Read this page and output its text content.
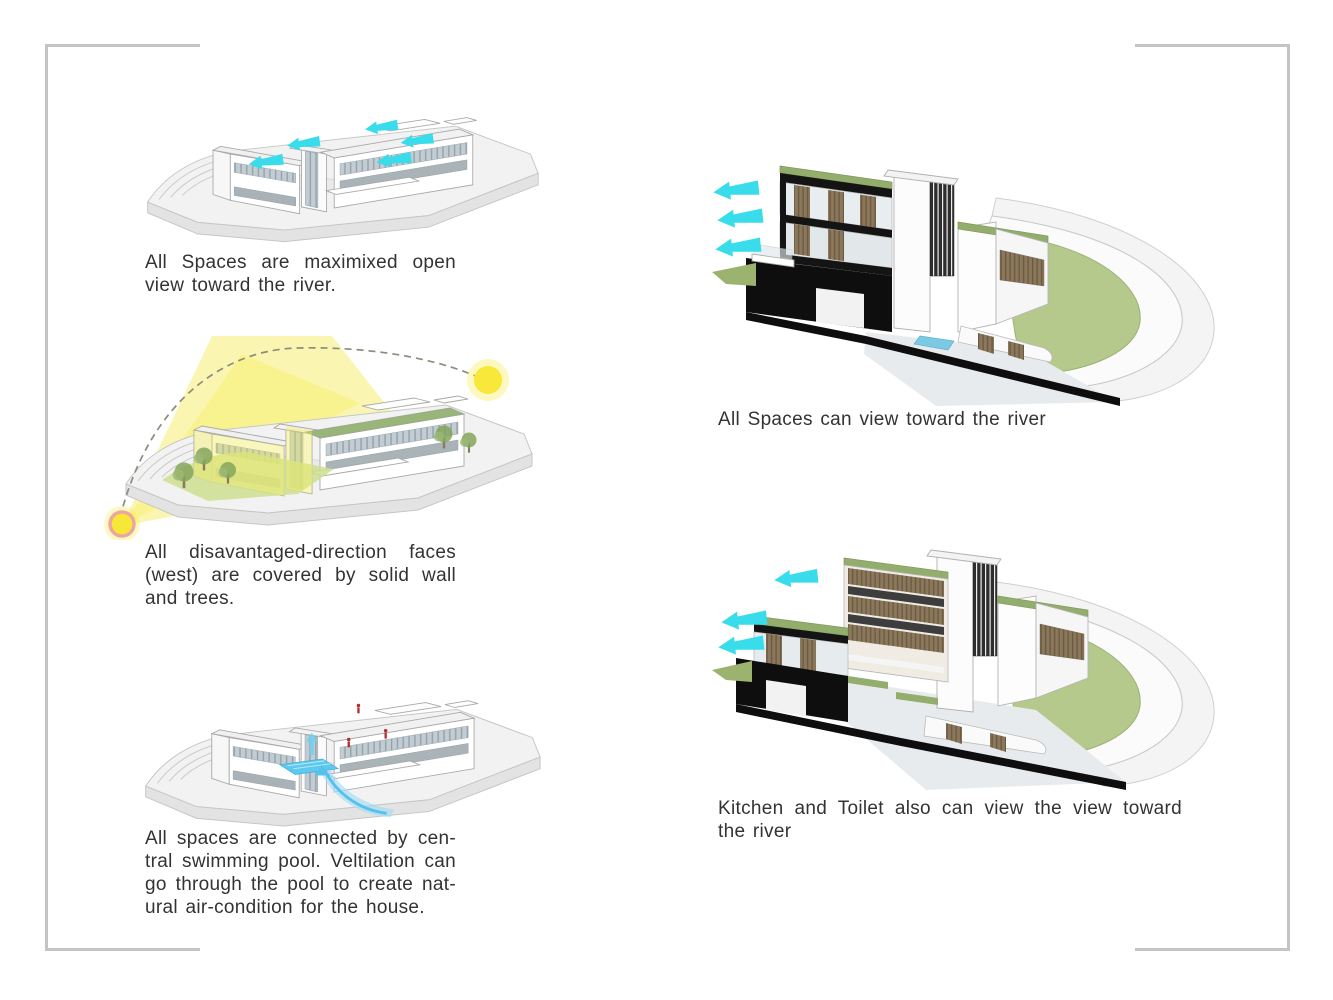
All Spaces are maximixed open
view toward the river.
All disavantaged-direction faces
(west) are covered by solid wall
and trees.
All spaces are connected by cen-
tral swimming pool. Veltilation can
go through the pool to create nat-
ural air-condition for the house.
All Spaces can view toward the river
Kitchen and Toilet also can view the view toward
the river
